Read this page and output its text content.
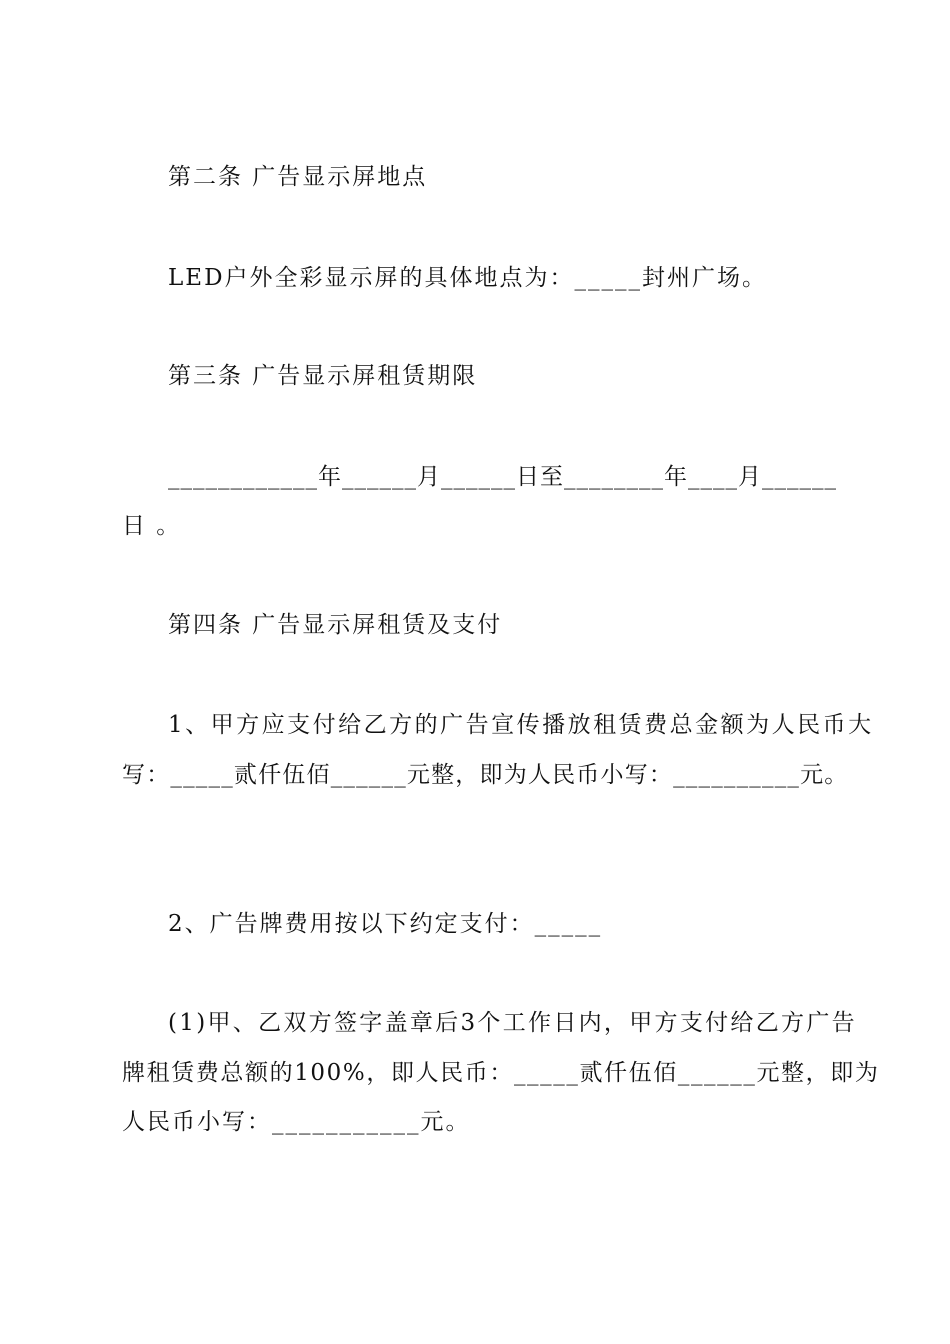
第二条 广告显示屏地点
LED户外全彩显示屏的具体地点为：_____封州广场。
第三条 广告显示屏租赁期限
____________年______月______日至________年____月______
日 。
第四条 广告显示屏租赁及支付
1、甲方应支付给乙方的广告宣传播放租赁费总金额为人民币大
写：_____贰仟伍佰______元整，即为人民币小写：__________元。
2、广告牌费用按以下约定支付：_____
(1)甲、乙双方签字盖章后3个工作日内，甲方支付给乙方广告
牌租赁费总额的100%，即人民币：_____贰仟伍佰______元整，即为
人民币小写：___________元。
